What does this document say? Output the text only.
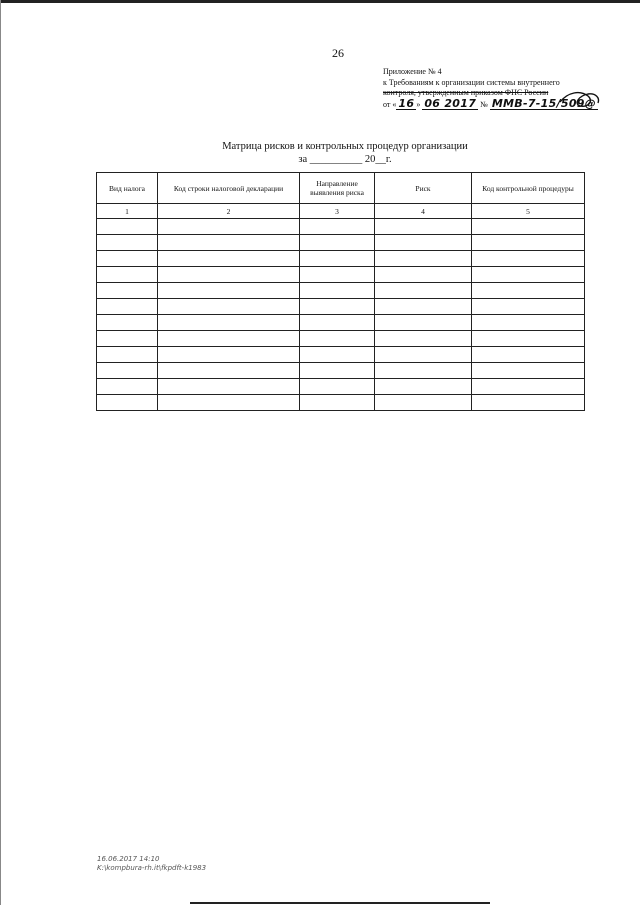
26
Приложение № 4
к Требованиям к организации системы внутреннего
контроля, утвержденным приказом ФНС России
от « 16 » 06 2017 № ММВ-7-15/509@
Матрица рисков и контрольных процедур организации
за __________ 20__г.
Вид налога	Код строки налоговой декларации	Направление выявления риска	Риск	Код контрольной процедуры
1	2	3	4	5

16.06.2017 14:10
K:\kompbura-rh.it\fkpdft-k1983
